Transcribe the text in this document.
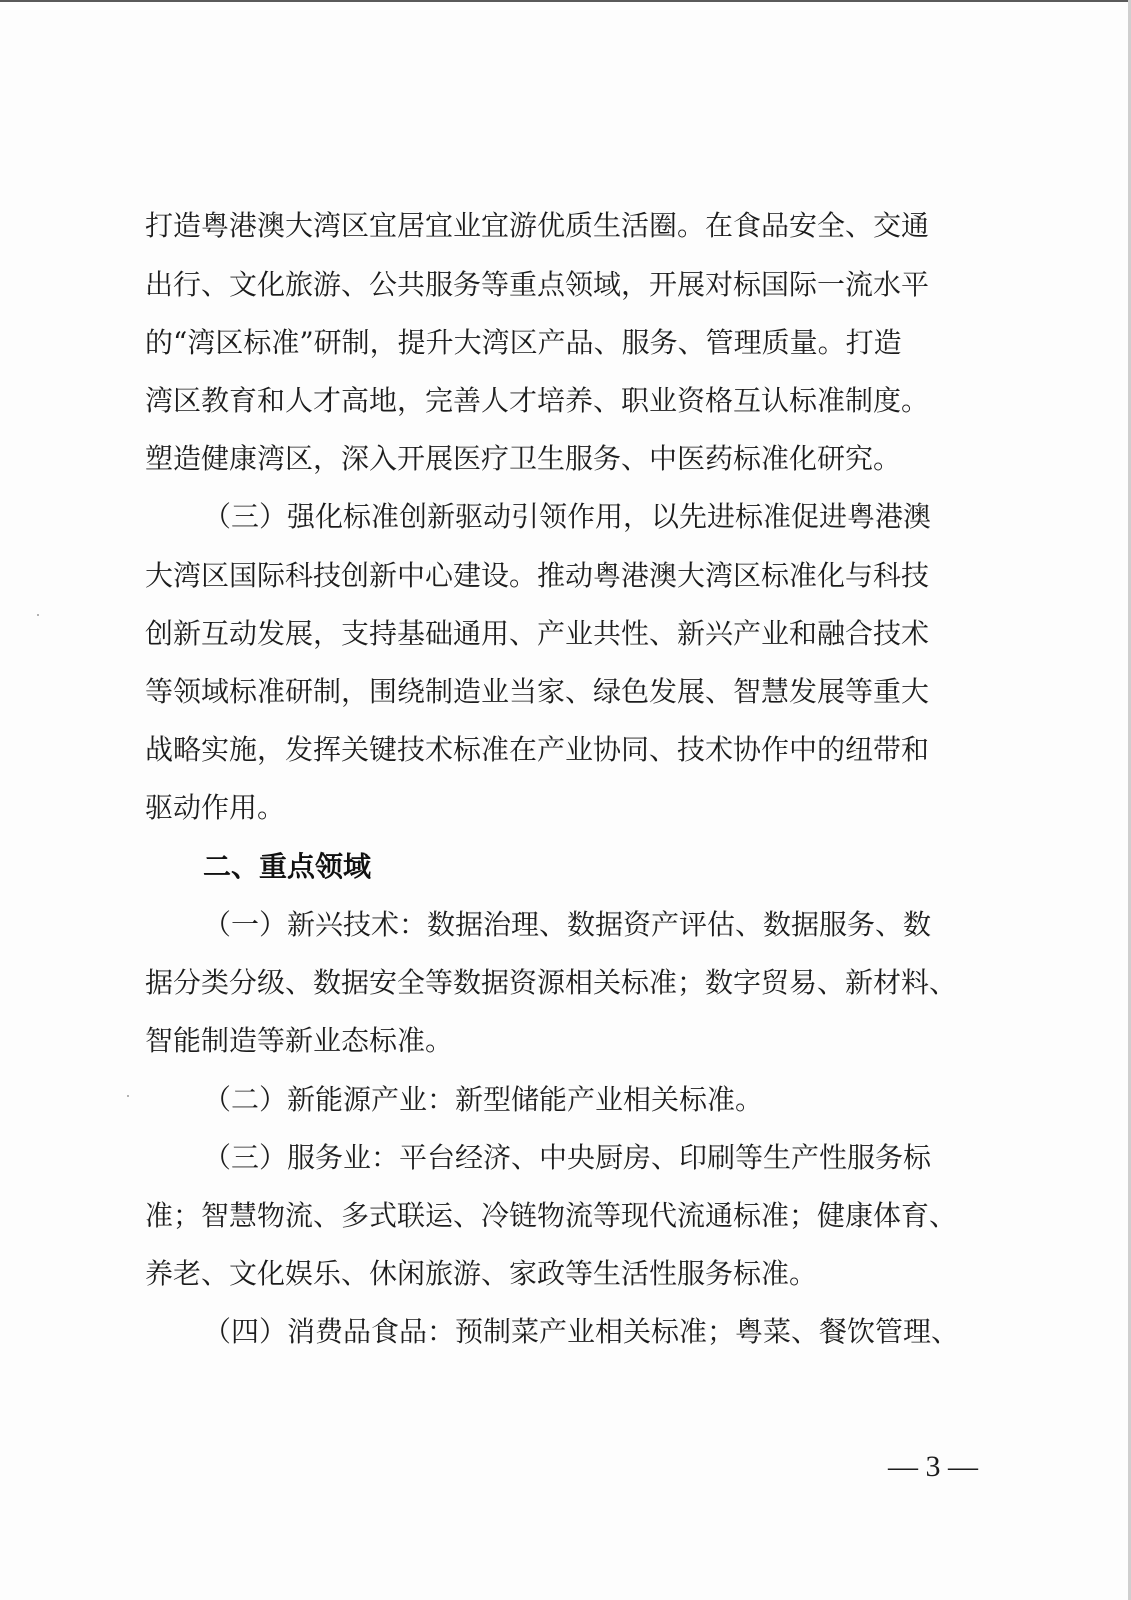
打造粤港澳大湾区宜居宜业宜游优质生活圈。在食品安全、交通
出行、文化旅游、公共服务等重点领域，开展对标国际一流水平
的“湾区标准”研制，提升大湾区产品、服务、管理质量。打造
湾区教育和人才高地，完善人才培养、职业资格互认标准制度。
塑造健康湾区，深入开展医疗卫生服务、中医药标准化研究。
（三）强化标准创新驱动引领作用，以先进标准促进粤港澳
大湾区国际科技创新中心建设。推动粤港澳大湾区标准化与科技
创新互动发展，支持基础通用、产业共性、新兴产业和融合技术
等领域标准研制，围绕制造业当家、绿色发展、智慧发展等重大
战略实施，发挥关键技术标准在产业协同、技术协作中的纽带和
驱动作用。
二、重点领域
（一）新兴技术：数据治理、数据资产评估、数据服务、数
据分类分级、数据安全等数据资源相关标准；数字贸易、新材料、
智能制造等新业态标准。
（二）新能源产业：新型储能产业相关标准。
（三）服务业：平台经济、中央厨房、印刷等生产性服务标
准；智慧物流、多式联运、冷链物流等现代流通标准；健康体育、
养老、文化娱乐、休闲旅游、家政等生活性服务标准。
（四）消费品食品：预制菜产业相关标准；粤菜、餐饮管理、
— 3 —
